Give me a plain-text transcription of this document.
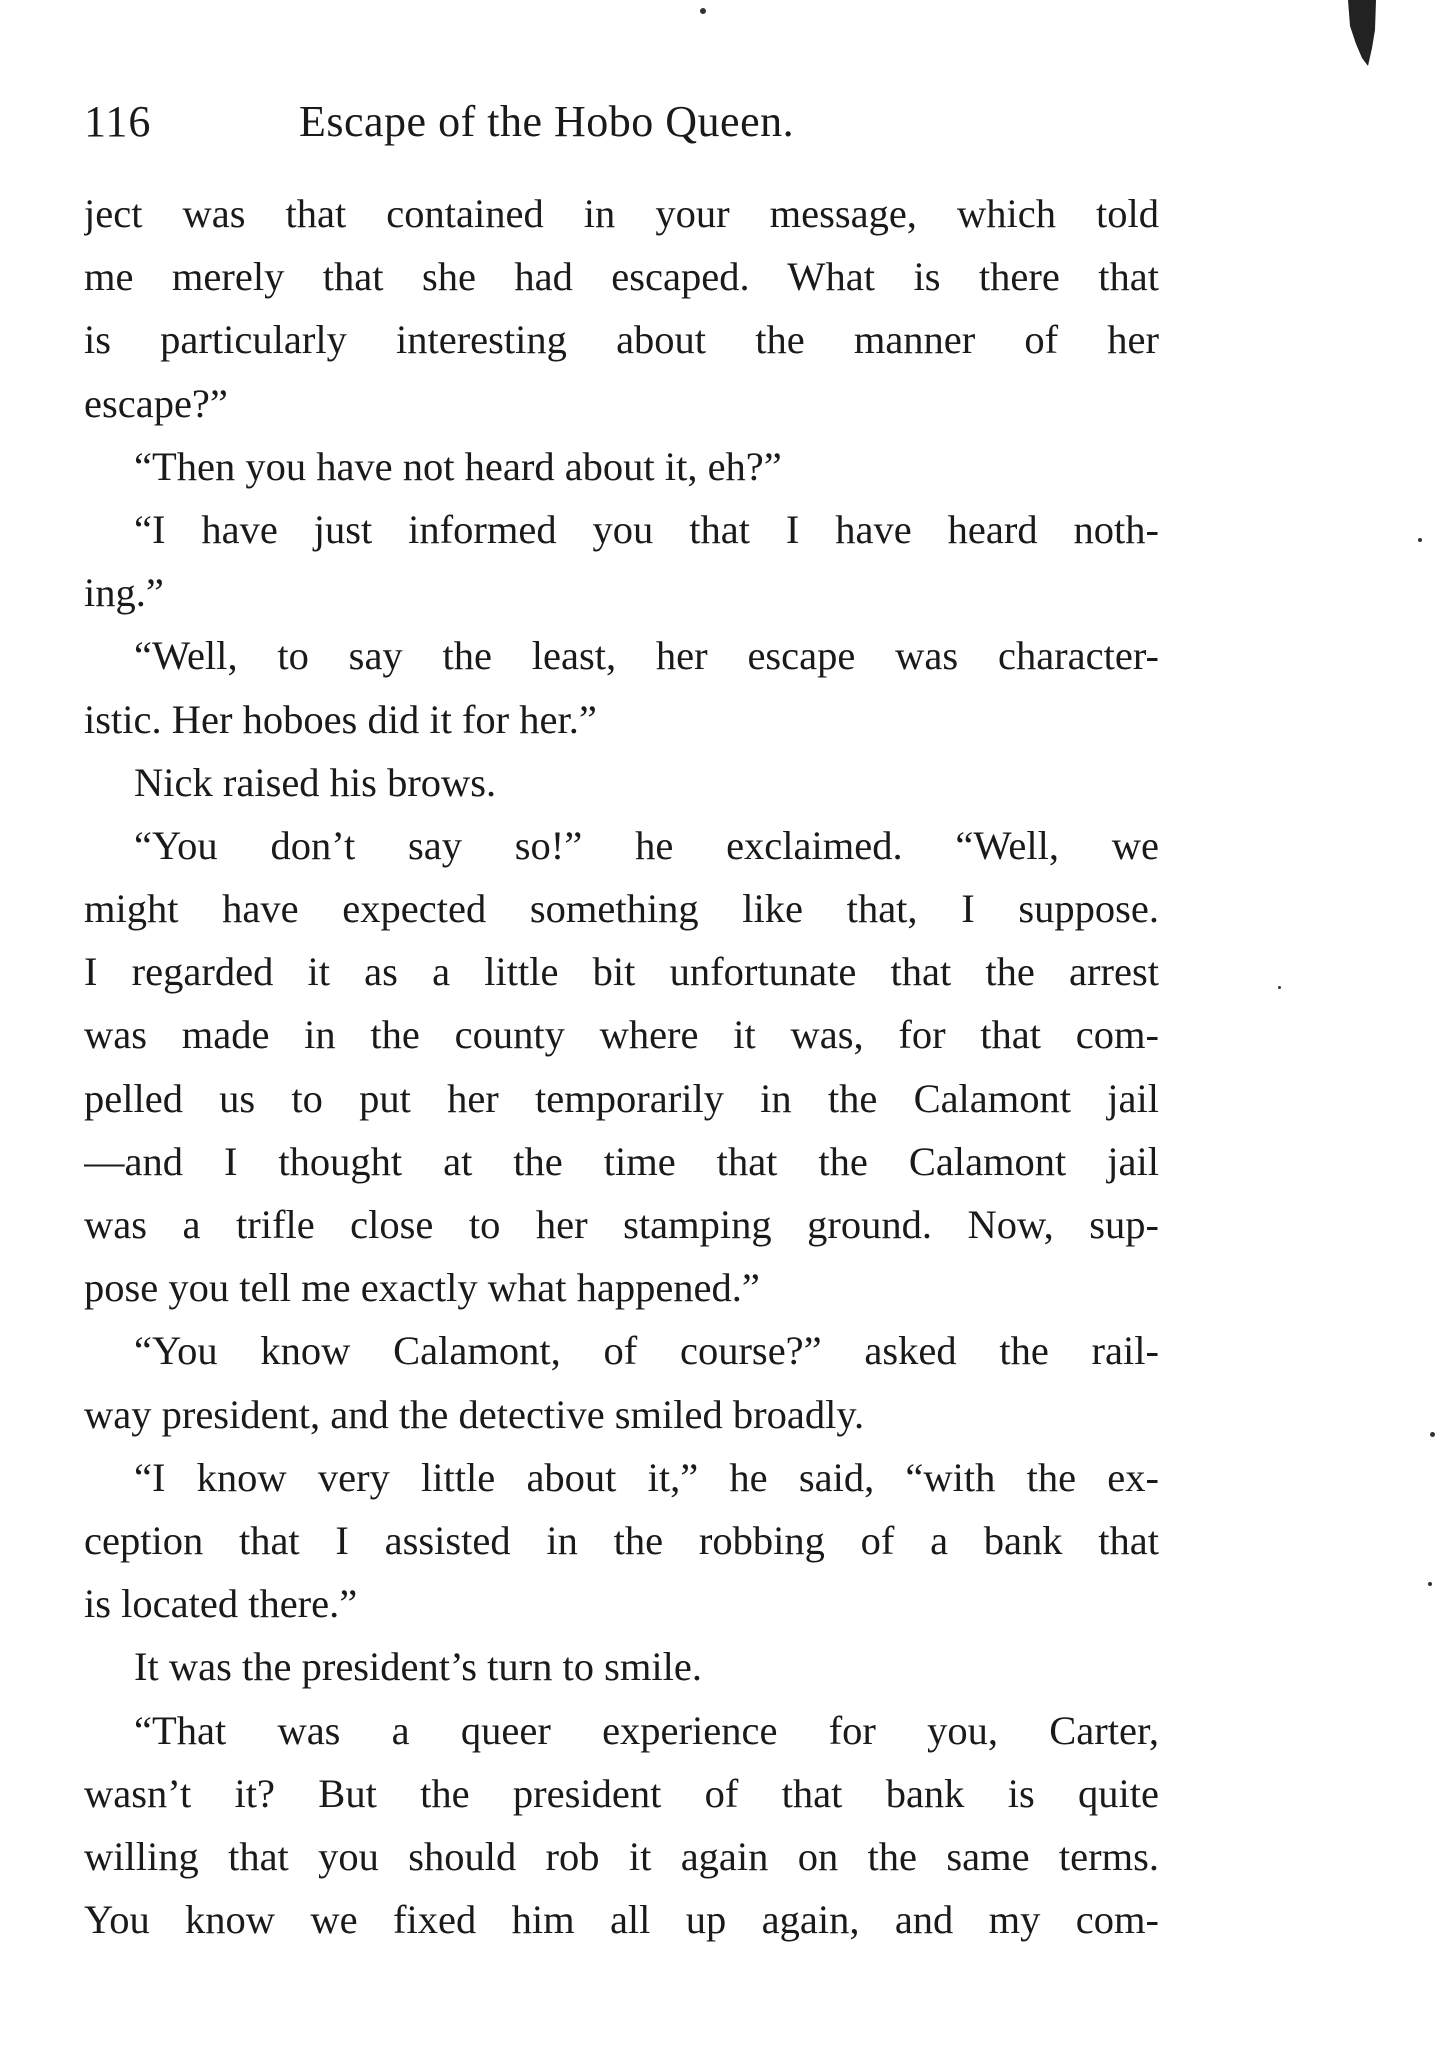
116	Escape of the Hobo Queen.
ject was that contained in your message, which told
me merely that she had escaped. What is there that
is particularly interesting about the manner of her
escape?”
“Then you have not heard about it, eh?”
“I have just informed you that I have heard noth-
ing.”
“Well, to say the least, her escape was character-
istic. Her hoboes did it for her.”
Nick raised his brows.
“You don’t say so!” he exclaimed. “Well, we
might have expected something like that, I suppose.
I regarded it as a little bit unfortunate that the arrest
was made in the county where it was, for that com-
pelled us to put her temporarily in the Calamont jail
—and I thought at the time that the Calamont jail
was a trifle close to her stamping ground. Now, sup-
pose you tell me exactly what happened.”
“You know Calamont, of course?” asked the rail-
way president, and the detective smiled broadly.
“I know very little about it,” he said, “with the ex-
ception that I assisted in the robbing of a bank that
is located there.”
It was the president’s turn to smile.
“That was a queer experience for you, Carter,
wasn’t it? But the president of that bank is quite
willing that you should rob it again on the same terms.
You know we fixed him all up again, and my com-
